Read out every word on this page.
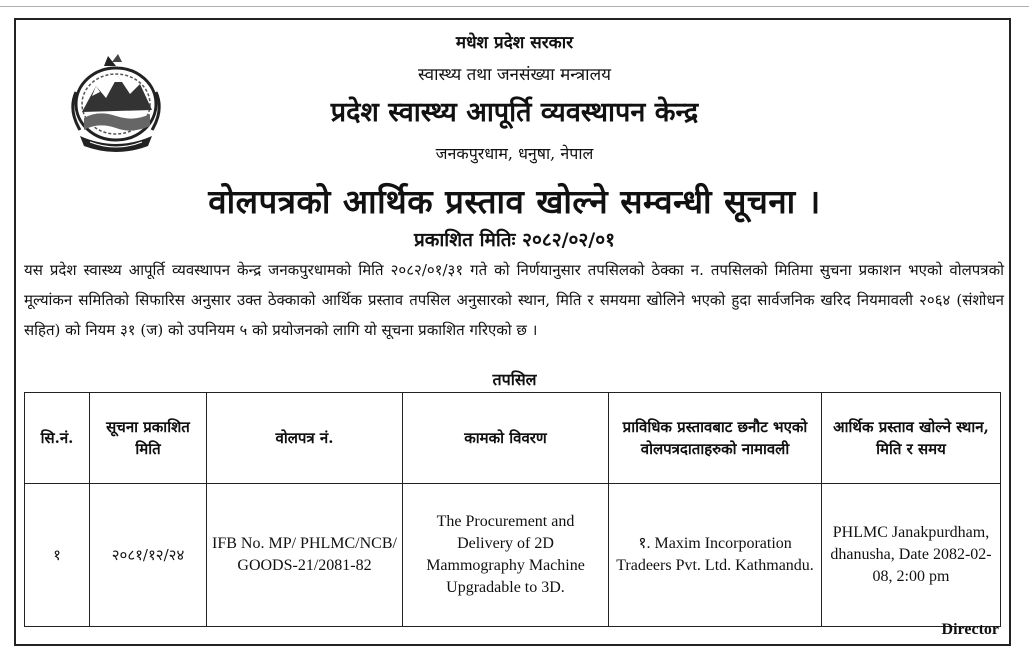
मधेश प्रदेश सरकार
स्वास्थ्य तथा जनसंख्या मन्त्रालय
प्रदेश स्वास्थ्य आपूर्ति व्यवस्थापन केन्द्र
जनकपुरधाम, धनुषा, नेपाल
वोलपत्रको आर्थिक प्रस्ताव खोल्ने सम्वन्धी सूचना ।
प्रकाशित मितिः २०८२/०२/०१
यस प्रदेश स्वास्थ्य आपूर्ति व्यवस्थापन केन्द्र जनकपुरधामको मिति २०८२/०१/३१ गते को निर्णयानुसार तपसिलको ठेक्का न. तपसिलको मितिमा सुचना प्रकाशन भएको वोलपत्रको मूल्यांकन समितिको सिफारिस अनुसार उक्त ठेक्काको आर्थिक प्रस्ताव तपसिल अनुसारको स्थान, मिति र समयमा खोलिने भएको हुदा सार्वजनिक खरिद नियमावली २०६४ (संशोधन सहित) को नियम ३१ (ज) को उपनियम ५ को प्रयोजनको लागि यो सूचना प्रकाशित गरिएको छ ।
तपसिल
सि.नं.	सूचना प्रकाशित मिति	वोलपत्र नं.	कामको विवरण	प्राविधिक प्रस्तावबाट छनौट भएको वोलपत्रदाताहरुको नामावली	आर्थिक प्रस्ताव खोल्ने स्थान, मिति र समय
१	२०८१/१२/२४	IFB No. MP/ PHLMC/NCB/ GOODS-21/2081-82	The Procurement and Delivery of 2D Mammography Machine Upgradable to 3D.	१. Maxim Incorporation Tradeers Pvt. Ltd. Kathmandu.	PHLMC Janakpurdham, dhanusha, Date 2082-02-08, 2:00 pm
Director
